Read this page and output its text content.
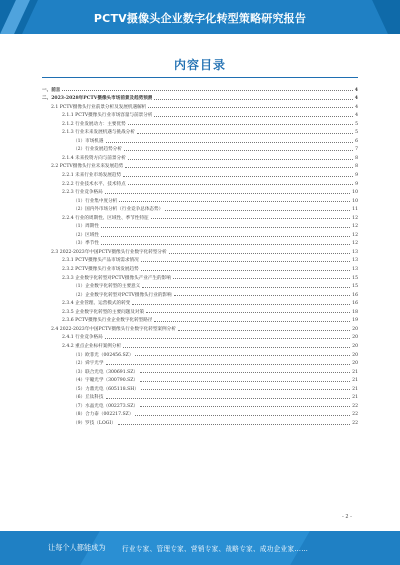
PCTV摄像头企业数字化转型策略研究报告
内容目录
一、前言	4
二、2023-2028年PCTV摄像头市场前景及趋势预测	4
2.1 PCTV摄像头行业前景分析及发展机遇解析	4
2.1.1 PCTV摄像头行业市场容量与前景分析	4
2.1.2 行业发展动力：主要优势	5
2.1.3 行业未来发展机遇与挑战分析	5
（1）市场机遇	6
（2）行业发展趋势分析	7
2.1.4 未来投资方向与前景分析	8
2.2 PCTV摄像头行业未来发展趋势	8
2.2.1 未来行业市场发展趋势	9
2.2.2 行业技术水平、技术特点	9
2.2.3 行业竞争格局	10
（1）行业集中度分析	10
（2）国内外市场分析（行业竞争总体态势）	11
2.2.4 行业的周期性、区域性、季节性特征	12
（1）周期性	12
（2）区域性	12
（3）季节性	12
2.3 2022-2023年中国PCTV摄像头行业数字化转型分析	13
2.3.1 PCTV摄像头产品市场需求情况	13
2.3.2 PCTV摄像头行业市场发展趋势	13
2.3.3 企业数字化转型对PCTV摄像头产业产生的影响	15
（1）企业数字化转型的主要意义	15
（2）企业数字化转型对PCTV摄像头行业的影响	16
2.3.4 企业管理、运营模式的转变	16
2.3.5 企业数字化转型的主要问题及对策	18
2.3.6 PCTV摄像头行业企业数字化转型路径	19
2.4 2022-2023年中国PCTV摄像头行业数字化转型案例分析	20
2.4.1 行业竞争格局	20
2.4.2 重点企业标杆案例分析	20
（1）欧菲光（002456.SZ）	20
（2）舜宇光学	20
（3）联合光电（300691.SZ）	21
（4）宇瞳光学（300790.SZ）	21
（5）力鼎光电（605118.SH）	21
（6）丘钛科技	21
（7）水晶光电（002273.SZ）	22
（8）合力泰（002217.SZ）	22
（9）罗技（LOGI）	22
- 2 -
让每个人都能成为 行业专家、管理专家、营销专家、战略专家、成功企业家……
